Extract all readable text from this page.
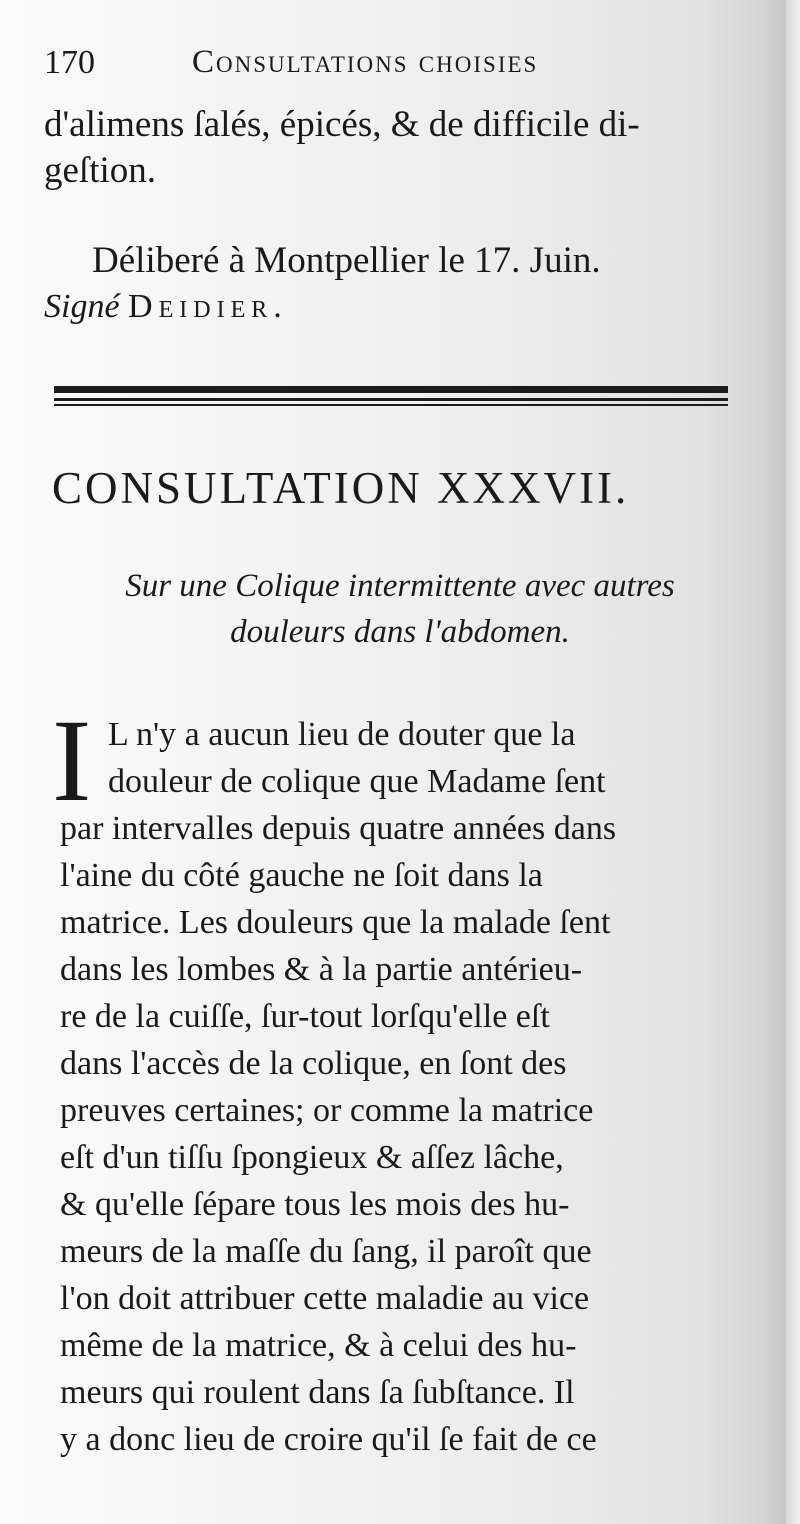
170	Consultations choisies
d'alimens ſalés, épicés, & de difficile di-
geſtion.
Déliberé à Montpellier le 17. Juin.
Signé Deidier.
CONSULTATION XXXVII.
Sur une Colique intermittente avec autres
douleurs dans l'abdomen.
I L n'y a aucun lieu de douter que la
douleur de colique que Madame ſent
par intervalles depuis quatre années dans
l'aine du côté gauche ne ſoit dans la
matrice. Les douleurs que la malade ſent
dans les lombes & à la partie antérieu-
re de la cuiſſe, ſur-tout lorſqu'elle eſt
dans l'accès de la colique, en ſont des
preuves certaines; or comme la matrice
eſt d'un tiſſu ſpongieux & aſſez lâche,
& qu'elle ſépare tous les mois des hu-
meurs de la maſſe du ſang, il paroît que
l'on doit attribuer cette maladie au vice
même de la matrice, & à celui des hu-
meurs qui roulent dans ſa ſubſtance. Il
y a donc lieu de croire qu'il ſe fait de ce
